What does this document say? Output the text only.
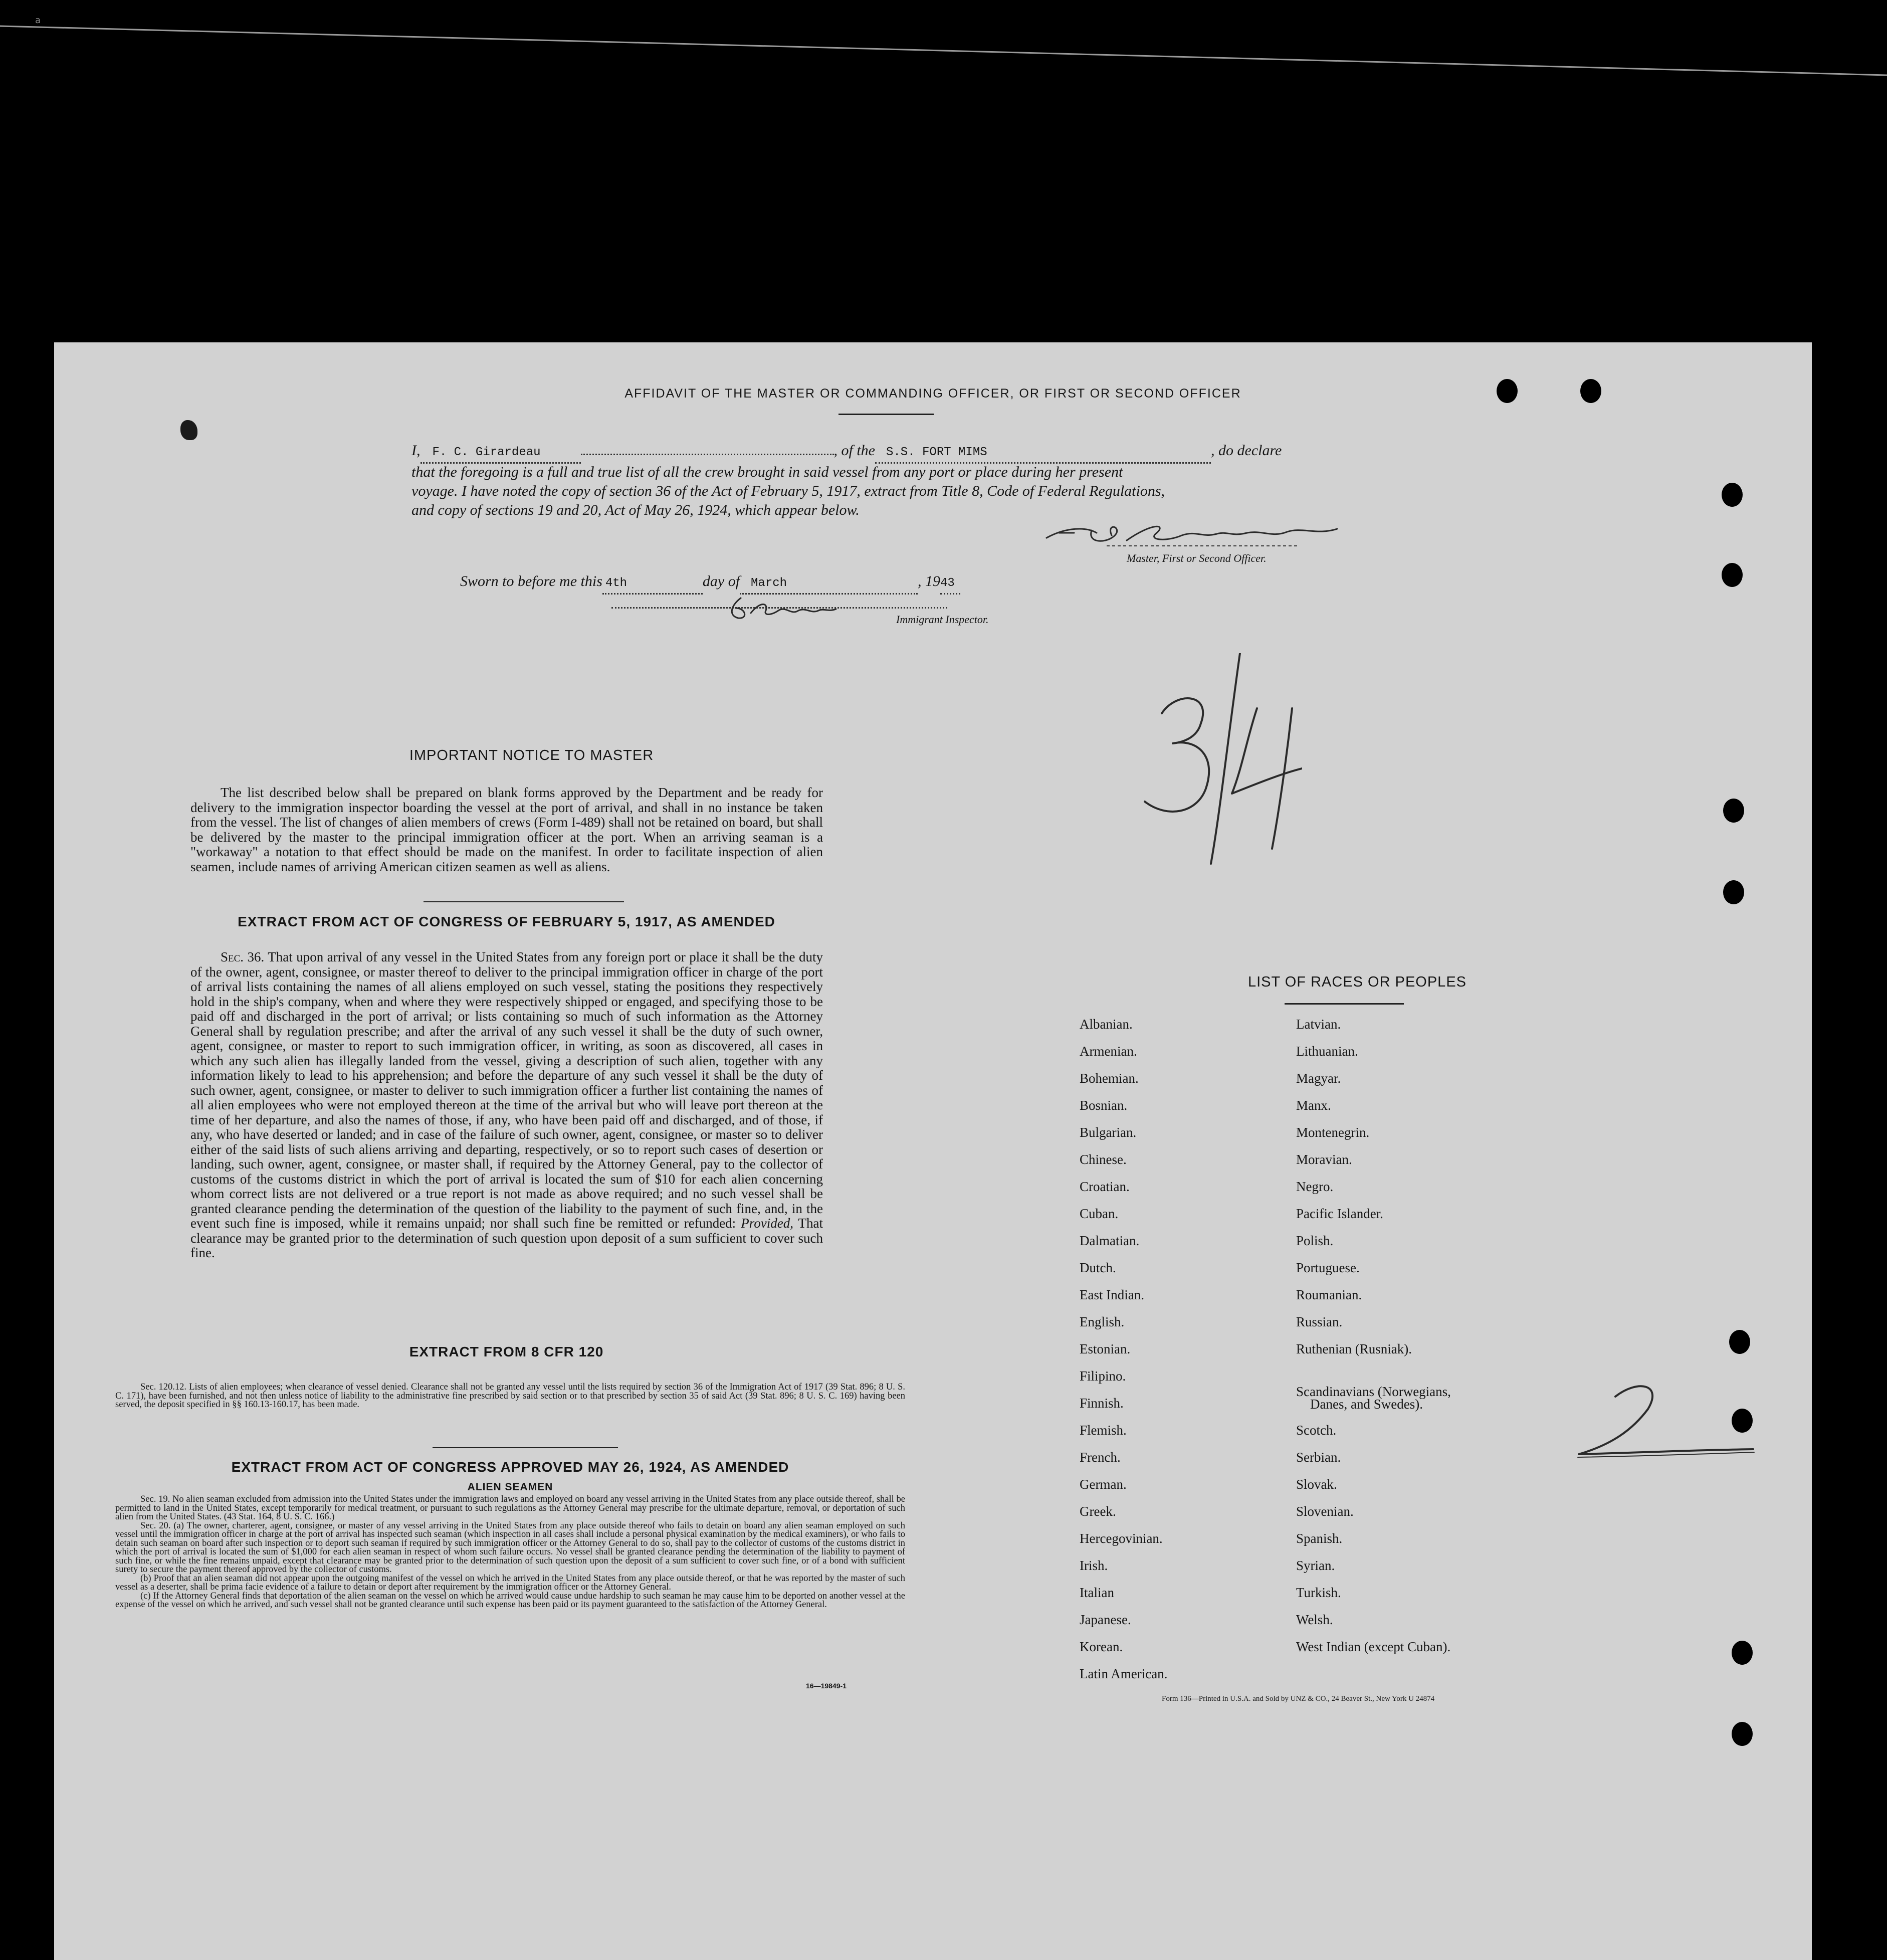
a
AFFIDAVIT OF THE MASTER OR COMMANDING OFFICER, OR FIRST OR SECOND OFFICER
I, F. C. Girardeau	, of the S.S. FORT MIMS	, do declare
that the foregoing is a full and true list of all the crew brought in said vessel from any port or place during her present
voyage. I have noted the copy of section 36 of the Act of February 5, 1917, extract from Title 8, Code of Federal Regulations,
and copy of sections 19 and 20, Act of May 26, 1924, which appear below.
Master, First or Second Officer.
Sworn to before me this 4th	day of March	, 1943
Immigrant Inspector.
IMPORTANT NOTICE TO MASTER
The list described below shall be prepared on blank forms approved by the Department and be ready for delivery to the immigration inspector boarding the vessel at the port of arrival, and shall in no instance be taken from the vessel. The list of changes of alien members of crews (Form I-489) shall not be retained on board, but shall be delivered by the master to the principal immigration officer at the port. When an arriving seaman is a "workaway" a notation to that effect should be made on the manifest. In order to facilitate inspection of alien seamen, include names of arriving American citizen seamen as well as aliens.
EXTRACT FROM ACT OF CONGRESS OF FEBRUARY 5, 1917, AS AMENDED
Sec. 36. That upon arrival of any vessel in the United States from any foreign port or place it shall be the duty of the owner, agent, consignee, or master thereof to deliver to the principal immigration officer in charge of the port of arrival lists containing the names of all aliens employed on such vessel, stating the positions they respectively hold in the ship's company, when and where they were respectively shipped or engaged, and specifying those to be paid off and discharged in the port of arrival; or lists containing so much of such information as the Attorney General shall by regulation prescribe; and after the arrival of any such vessel it shall be the duty of such owner, agent, consignee, or master to report to such immigration officer, in writing, as soon as discovered, all cases in which any such alien has illegally landed from the vessel, giving a description of such alien, together with any information likely to lead to his apprehension; and before the departure of any such vessel it shall be the duty of such owner, agent, consignee, or master to deliver to such immigration officer a further list containing the names of all alien employees who were not employed thereon at the time of the arrival but who will leave port thereon at the time of her departure, and also the names of those, if any, who have been paid off and discharged, and of those, if any, who have deserted or landed; and in case of the failure of such owner, agent, consignee, or master so to deliver either of the said lists of such aliens arriving and departing, respectively, or so to report such cases of desertion or landing, such owner, agent, consignee, or master shall, if required by the Attorney General, pay to the collector of customs of the customs district in which the port of arrival is located the sum of $10 for each alien concerning whom correct lists are not delivered or a true report is not made as above required; and no such vessel shall be granted clearance pending the determination of the question of the liability to the payment of such fine, and, in the event such fine is imposed, while it remains unpaid; nor shall such fine be remitted or refunded: Provided, That clearance may be granted prior to the determination of such question upon deposit of a sum sufficient to cover such fine.
EXTRACT FROM 8 CFR 120
Sec. 120.12. Lists of alien employees; when clearance of vessel denied. Clearance shall not be granted any vessel until the lists required by section 36 of the Immigration Act of 1917 (39 Stat. 896; 8 U. S. C. 171), have been furnished, and not then unless notice of liability to the administrative fine prescribed by said section or to that prescribed by section 35 of said Act (39 Stat. 896; 8 U. S. C. 169) having been served, the deposit specified in §§ 160.13-160.17, has been made.
EXTRACT FROM ACT OF CONGRESS APPROVED MAY 26, 1924, AS AMENDED
ALIEN SEAMEN
Sec. 19. No alien seaman excluded from admission into the United States under the immigration laws and employed on board any vessel arriving in the United States from any place outside thereof, shall be permitted to land in the United States, except temporarily for medical treatment, or pursuant to such regulations as the Attorney General may prescribe for the ultimate departure, removal, or deportation of such alien from the United States. (43 Stat. 164, 8 U. S. C. 166.)
Sec. 20. (a) The owner, charterer, agent, consignee, or master of any vessel arriving in the United States from any place outside thereof who fails to detain on board any alien seaman employed on such vessel until the immigration officer in charge at the port of arrival has inspected such seaman (which inspection in all cases shall include a personal physical examination by the medical examiners), or who fails to detain such seaman on board after such inspection or to deport such seaman if required by such immigration officer or the Attorney General to do so, shall pay to the collector of customs of the customs district in which the port of arrival is located the sum of $1,000 for each alien seaman in respect of whom such failure occurs. No vessel shall be granted clearance pending the determination of the liability to payment of such fine, or while the fine remains unpaid, except that clearance may be granted prior to the determination of such question upon the deposit of a sum sufficient to cover such fine, or of a bond with sufficient surety to secure the payment thereof approved by the collector of customs.
(b) Proof that an alien seaman did not appear upon the outgoing manifest of the vessel on which he arrived in the United States from any place outside thereof, or that he was reported by the master of such vessel as a deserter, shall be prima facie evidence of a failure to detain or deport after requirement by the immigration officer or the Attorney General.
(c) If the Attorney General finds that deportation of the alien seaman on the vessel on which he arrived would cause undue hardship to such seaman he may cause him to be deported on another vessel at the expense of the vessel on which he arrived, and such vessel shall not be granted clearance until such expense has been paid or its payment guaranteed to the satisfaction of the Attorney General.
16—19849-1
LIST OF RACES OR PEOPLES
Albanian.
Armenian.
Bohemian.
Bosnian.
Bulgarian.
Chinese.
Croatian.
Cuban.
Dalmatian.
Dutch.
East Indian.
English.
Estonian.
Filipino.
Finnish.
Flemish.
French.
German.
Greek.
Hercegovinian.
Irish.
Italian
Japanese.
Korean.
Latin American.
Latvian.
Lithuanian.
Magyar.
Manx.
Montenegrin.
Moravian.
Negro.
Pacific Islander.
Polish.
Portuguese.
Roumanian.
Russian.
Ruthenian (Rusniak).
Scandinavians (Norwegians,
Danes, and Swedes).
Scotch.
Serbian.
Slovak.
Slovenian.
Spanish.
Syrian.
Turkish.
Welsh.
West Indian (except Cuban).
Form 136—Printed in U.S.A. and Sold by UNZ & CO., 24 Beaver St., New York U 24874
